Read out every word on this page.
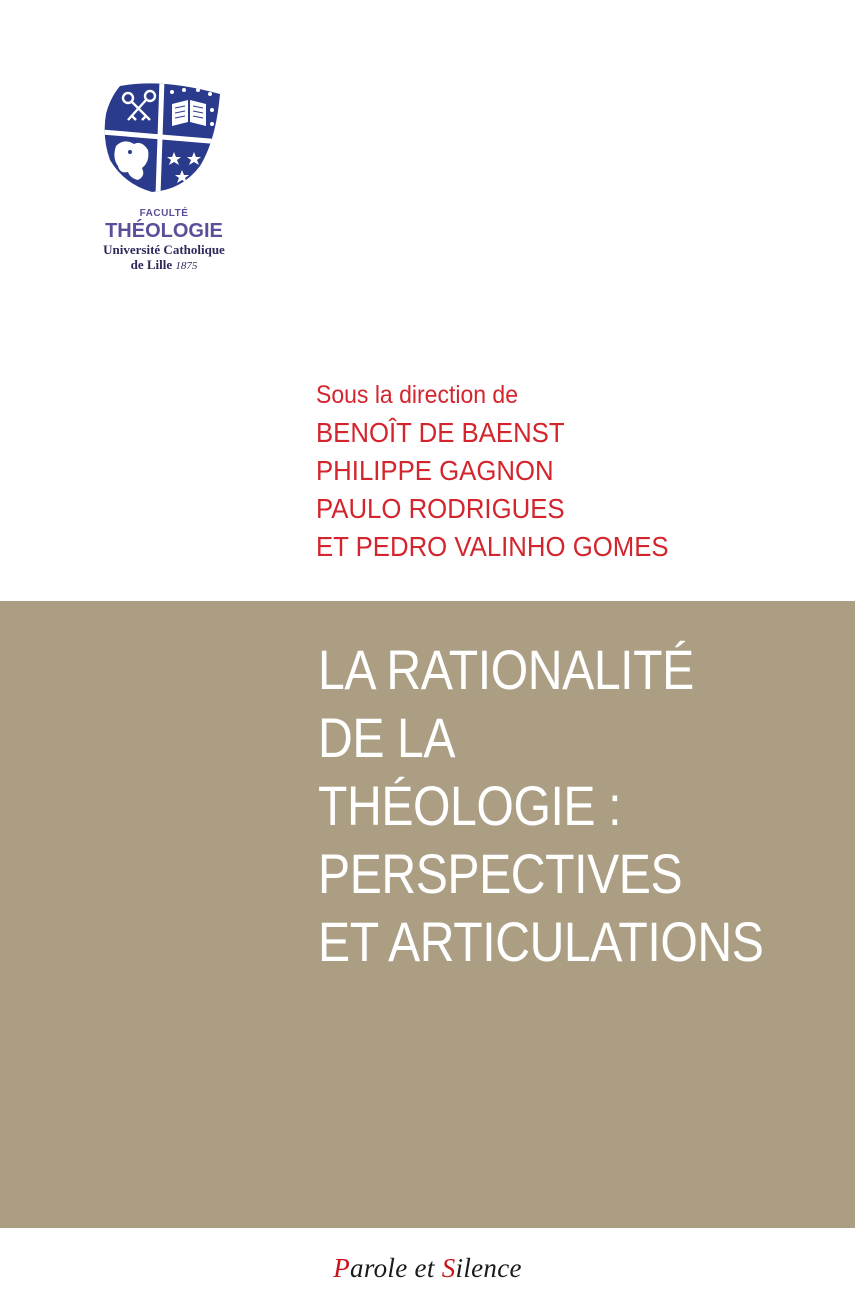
FACULTÉ
THÉOLOGIE
Université Catholique
de Lille 1875
Sous la direction de
BENOÎT DE BAENST
PHILIPPE GAGNON
PAULO RODRIGUES
ET PEDRO VALINHO GOMES
LA RATIONALITÉ
DE LA
THÉOLOGIE :
PERSPECTIVES
ET ARTICULATIONS
Parole et Silence
